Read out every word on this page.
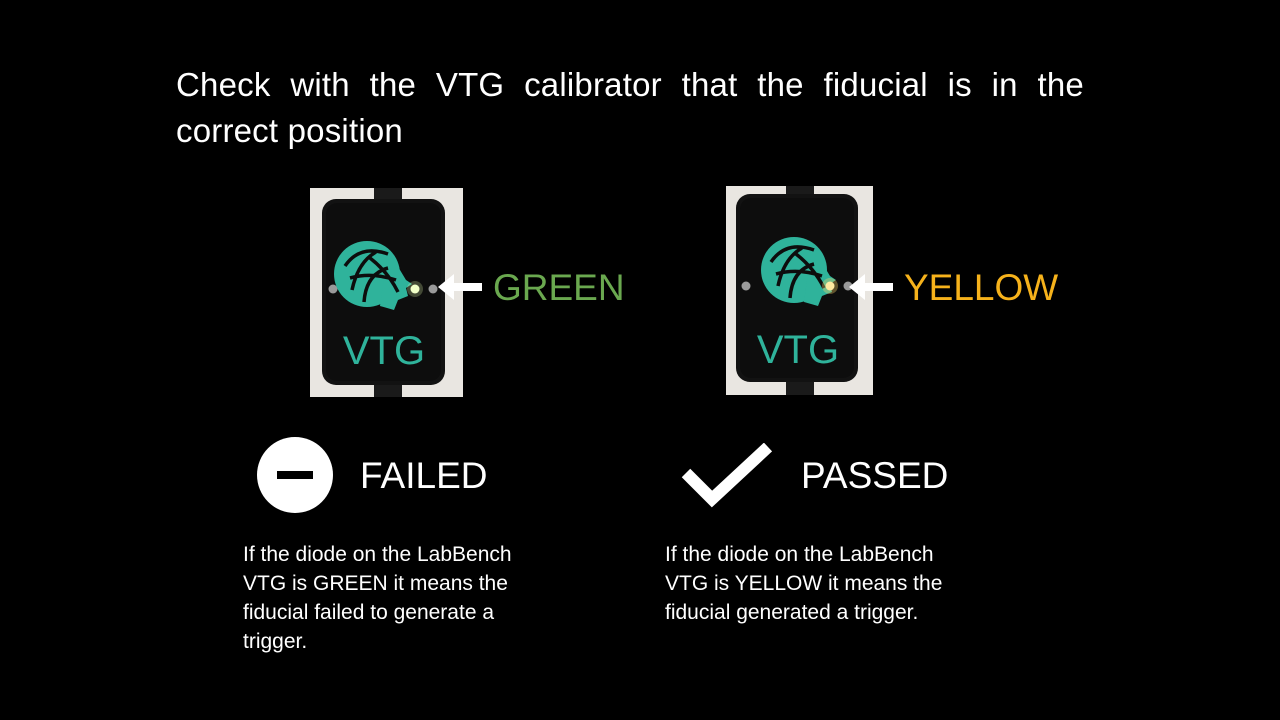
Check with the VTG calibrator that the fiducial is in the correct position
VTG
GREEN
VTG
YELLOW
FAILED
If the diode on the LabBench VTG is GREEN it means the fiducial failed to generate a trigger.
PASSED
If the diode on the LabBench VTG is YELLOW it means the fiducial generated a trigger.
